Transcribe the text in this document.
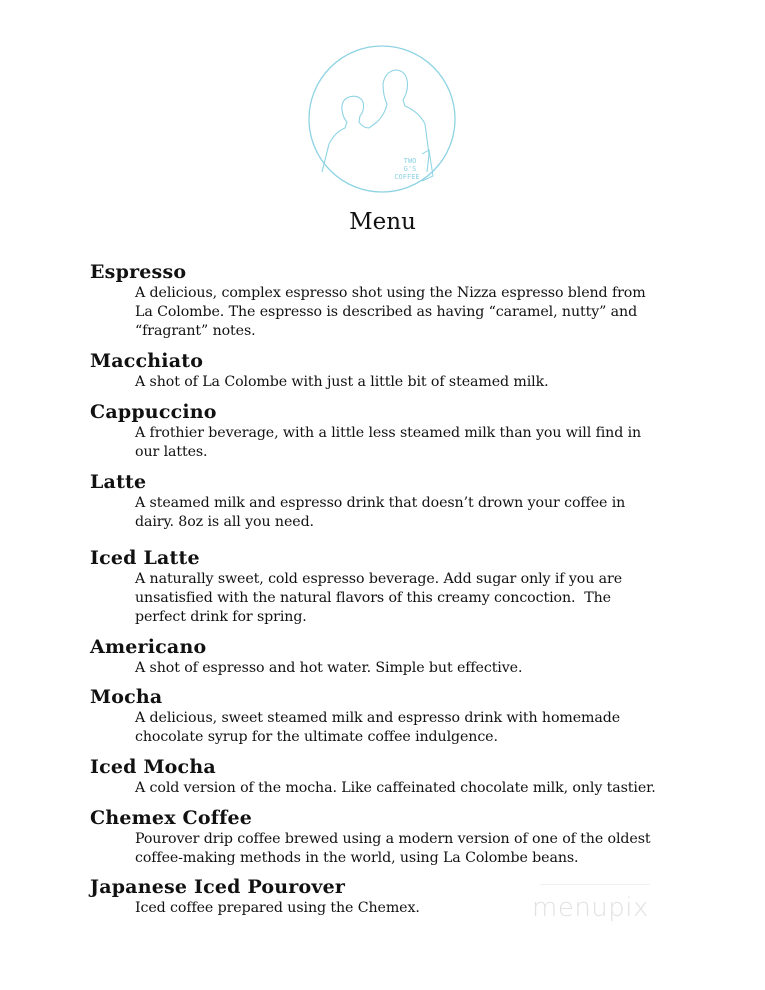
TWO
G'S
COFFEE
Menu
Espresso
A delicious, complex espresso shot using the Nizza espresso blend from
La Colombe. The espresso is described as having “caramel, nutty” and
“fragrant” notes.
Macchiato
A shot of La Colombe with just a little bit of steamed milk.
Cappuccino
A frothier beverage, with a little less steamed milk than you will find in
our lattes.
Latte
A steamed milk and espresso drink that doesn’t drown your coffee in
dairy. 8oz is all you need.
Iced Latte
A naturally sweet, cold espresso beverage. Add sugar only if you are
unsatisfied with the natural flavors of this creamy concoction.  The
perfect drink for spring.
Americano
A shot of espresso and hot water. Simple but effective.
Mocha
A delicious, sweet steamed milk and espresso drink with homemade
chocolate syrup for the ultimate coffee indulgence.
Iced Mocha
A cold version of the mocha. Like caffeinated chocolate milk, only tastier.
Chemex Coffee
Pourover drip coffee brewed using a modern version of one of the oldest
coffee-making methods in the world, using La Colombe beans.
Japanese Iced Pourover
Iced coffee prepared using the Chemex.	menupix
